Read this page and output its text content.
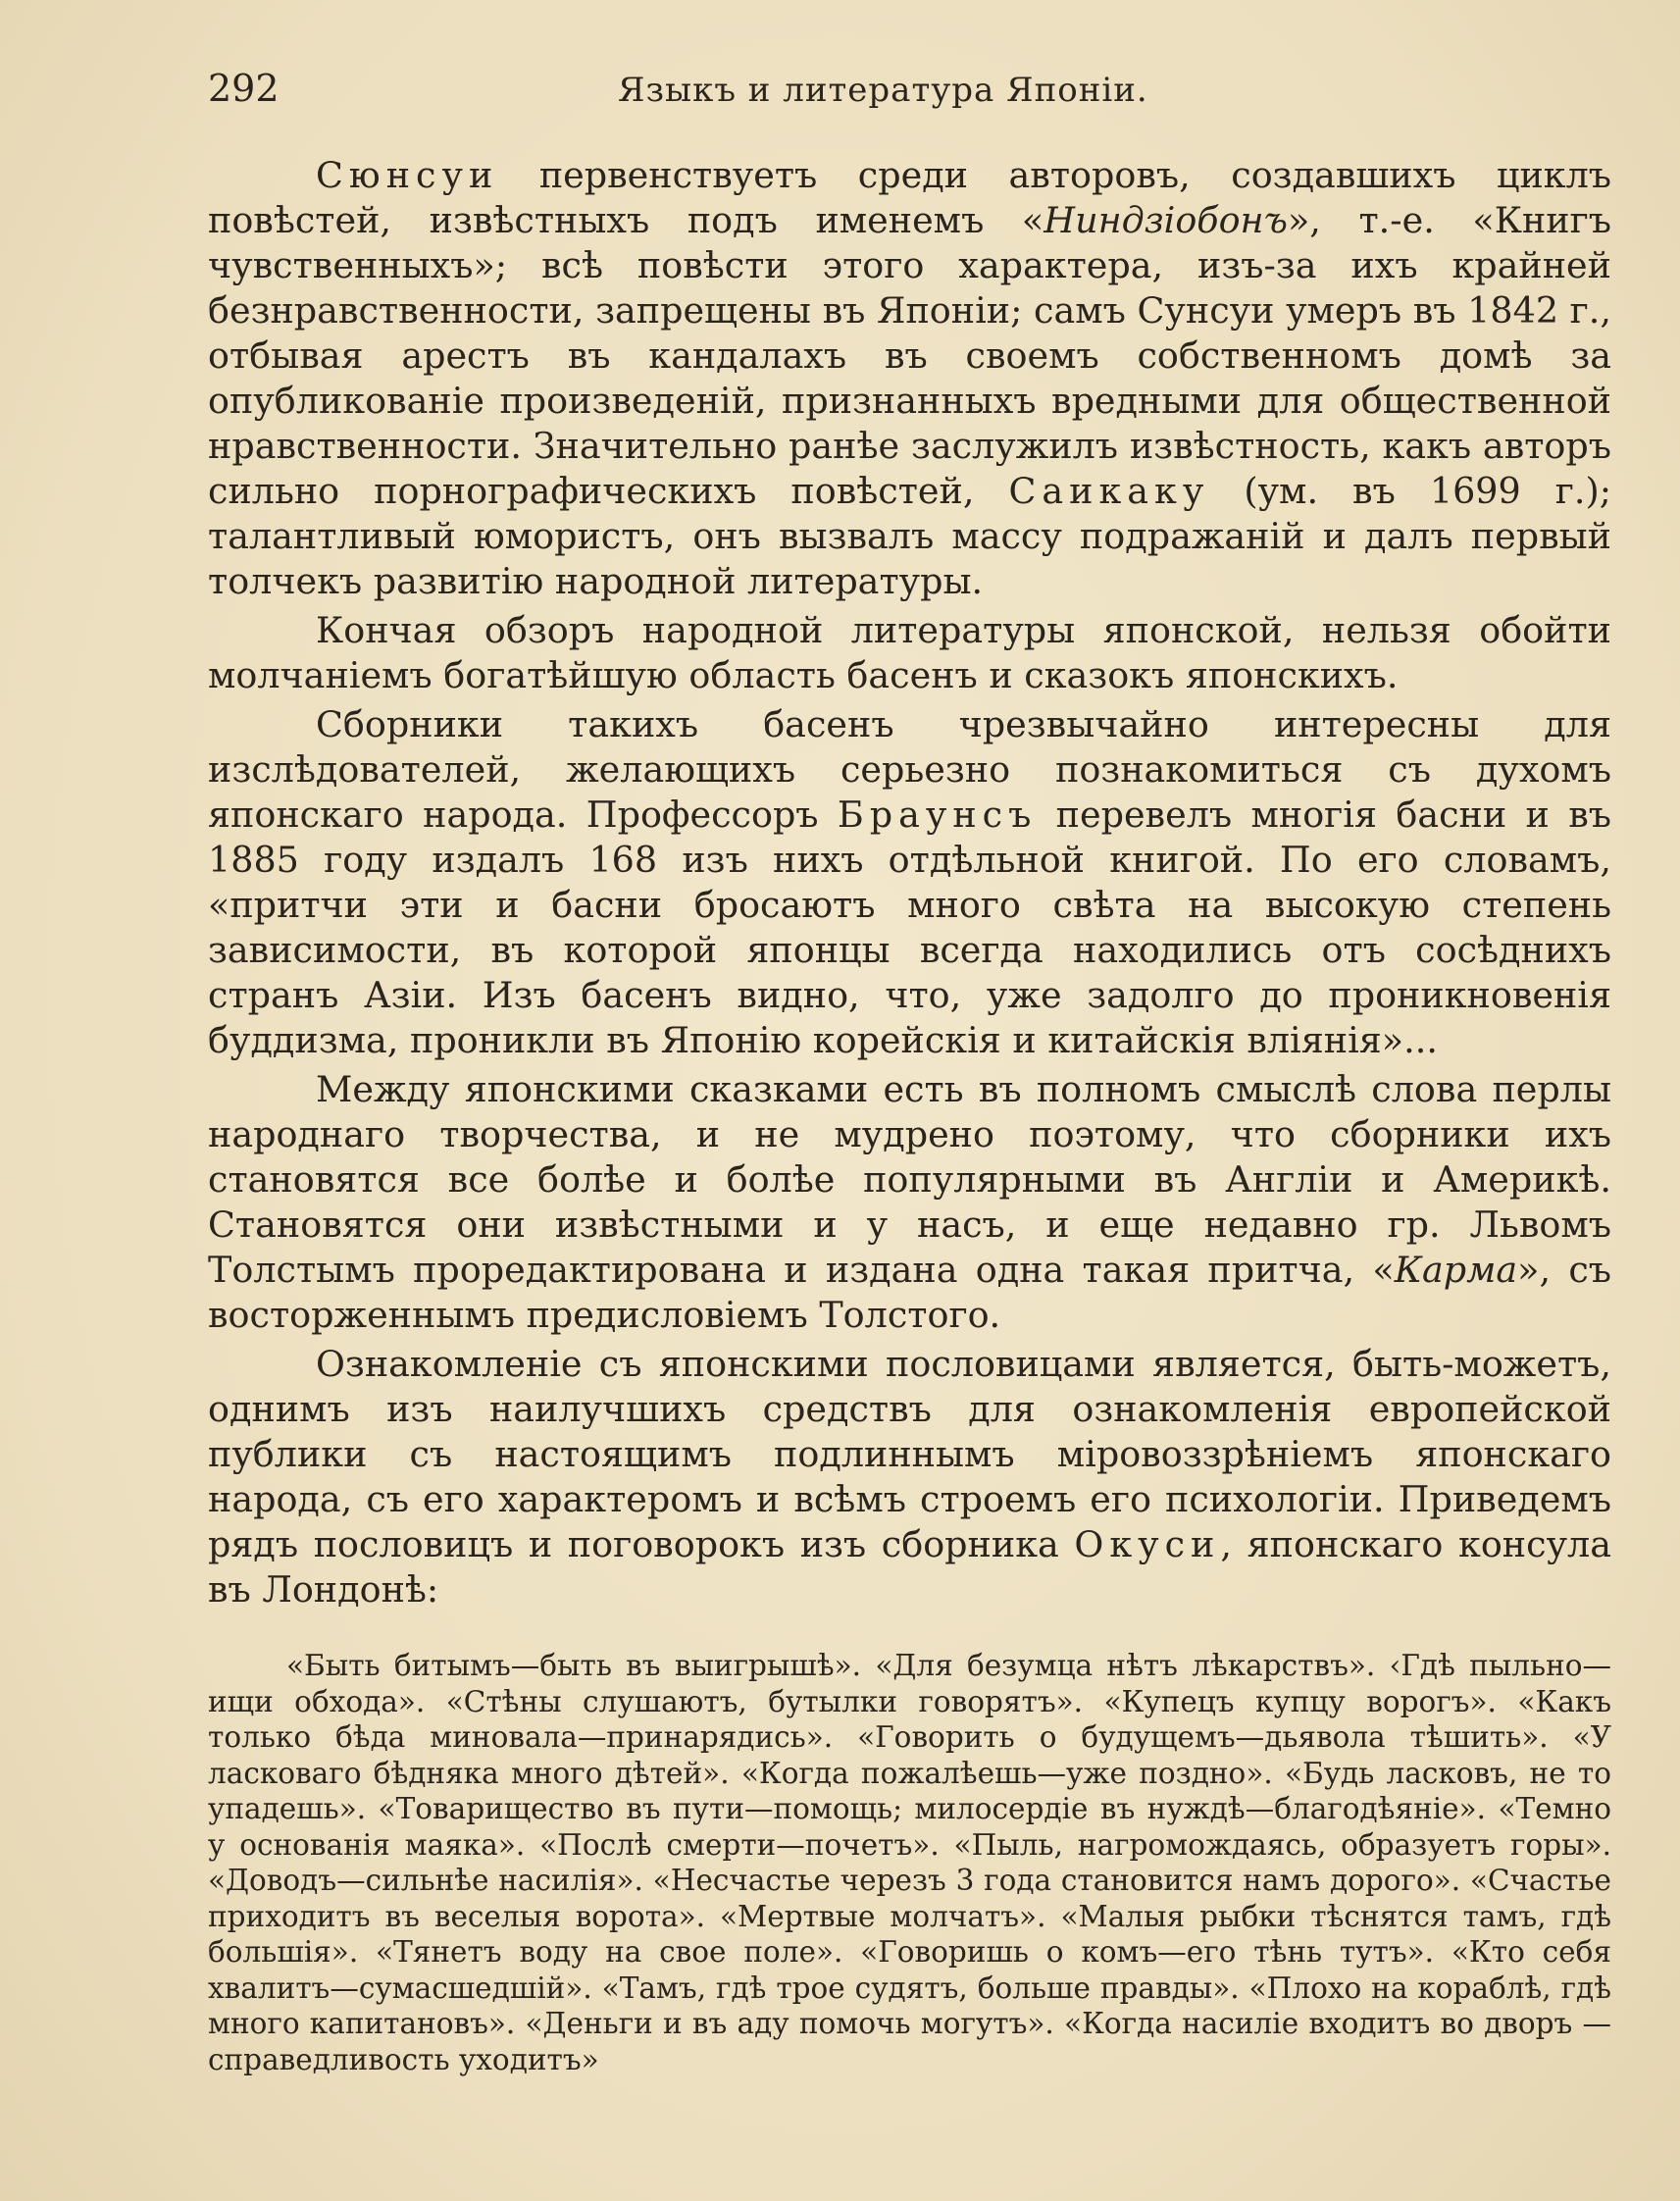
292	Языкъ и литература Японіи.

Сюнсуи первенствуетъ среди авторовъ, создавшихъ циклъ повѣстей, извѣстныхъ подъ именемъ «Ниндзiобонъ», т.-е. «Книгъ чувственныхъ»; всѣ повѣсти этого характера, изъ-за ихъ крайней безнравственности, запрещены въ Японіи; самъ Сунсуи умеръ въ 1842 г., отбывая арестъ въ кандалахъ въ своемъ собственномъ домѣ за опубликованіе произведеній, признанныхъ вредными для общественной нравственности. Значительно ранѣе заслужилъ извѣстность, какъ авторъ сильно порнографическихъ повѣстей, Саикаку (ум. въ 1699 г.); талантливый юмористъ, онъ вызвалъ массу подражаній и далъ первый толчекъ развитію народной литературы.

Кончая обзоръ народной литературы японской, нельзя обойти молчаніемъ богатѣйшую область басенъ и сказокъ японскихъ.

Сборники такихъ басенъ чрезвычайно интересны для изслѣдователей, желающихъ серьезно познакомиться съ духомъ японскаго народа. Профессоръ Браунсъ перевелъ многія басни и въ 1885 году издалъ 168 изъ нихъ отдѣльной книгой. По его словамъ, «притчи эти и басни бросаютъ много свѣта на высокую степень зависимости, въ которой японцы всегда находились отъ сосѣднихъ странъ Азіи. Изъ басенъ видно, что, уже задолго до проникновенія буддизма, проникли въ Японію корейскія и китайскія вліянія»...

Между японскими сказками есть въ полномъ смыслѣ слова перлы народнаго творчества, и не мудрено поэтому, что сборники ихъ становятся все болѣе и болѣе популярными въ Англіи и Америкѣ. Становятся они извѣстными и у насъ, и еще недавно гр. Львомъ Толстымъ проредактирована и издана одна такая притча, «Карма», съ восторженнымъ предисловіемъ Толстого.

Ознакомленіе съ японскими пословицами является, быть-можетъ, однимъ изъ наилучшихъ средствъ для ознакомленія европейской публики съ настоящимъ подлиннымъ міровоззрѣніемъ японскаго народа, съ его характеромъ и всѣмъ строемъ его психологіи. Приведемъ рядъ пословицъ и поговорокъ изъ сборника Окуси, японскаго консула въ Лондонѣ:

«Быть битымъ—быть въ выигрышѣ». «Для безумца нѣтъ лѣкарствъ». ‹Гдѣ пыльно—ищи обхода». «Стѣны слушаютъ, бутылки говорятъ». «Купецъ купцу ворогъ». «Какъ только бѣда миновала—принарядись». «Говорить о будущемъ—дьявола тѣшить». «У ласковаго бѣдняка много дѣтей». «Когда пожалѣешь—уже поздно». «Будь ласковъ, не то упадешь». «Товарищество въ пути—помощь; милосердіе въ нуждѣ—благодѣяніе». «Темно у основанія маяка». «Послѣ смерти—почетъ». «Пыль, нагромождаясь, образуетъ горы». «Доводъ—сильнѣе насилія». «Несчастье черезъ 3 года становится намъ дорого». «Счастье приходитъ въ веселыя ворота». «Мертвые молчатъ». «Малыя рыбки тѣснятся тамъ, гдѣ большія». «Тянетъ воду на свое поле». «Говоришь о комъ—его тѣнь тутъ». «Кто себя хвалитъ—сумасшедшій». «Тамъ, гдѣ трое судятъ, больше правды». «Плохо на кораблѣ, гдѣ много капитановъ». «Деньги и въ аду помочь могутъ». «Когда насиліе входитъ во дворъ — справедливость уходитъ»
